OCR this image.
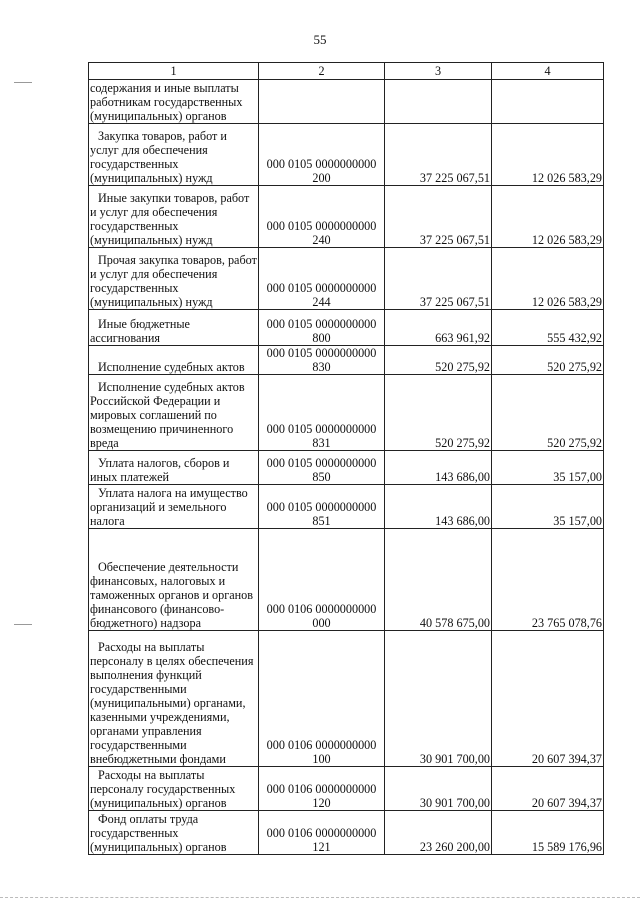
55
1	2	3	4
содержания и иные выплаты работникам государственных (муниципальных) органов	

Закупка товаров, работ и услуг для обеспечения государственных (муниципальных) нужд	000 0105 0000000000
200	37 225 067,51	12 026 583,29
Иные закупки товаров, работ и услуг для обеспечения государственных (муниципальных) нужд	000 0105 0000000000
240	37 225 067,51	12 026 583,29
Прочая закупка товаров, работ и услуг для обеспечения государственных (муниципальных) нужд	000 0105 0000000000
244	37 225 067,51	12 026 583,29
Иные бюджетные ассигнования	000 0105 0000000000
800	663 961,92	555 432,92
Исполнение судебных актов	000 0105 0000000000
830	520 275,92	520 275,92
Исполнение судебных актов Российской Федерации и мировых соглашений по возмещению причиненного вреда	000 0105 0000000000
831	520 275,92	520 275,92
Уплата налогов, сборов и иных платежей	000 0105 0000000000
850	143 686,00	35 157,00
Уплата налога на имущество организаций и земельного налога	000 0105 0000000000
851	143 686,00	35 157,00
Обеспечение деятельности финансовых, налоговых и таможенных органов и органов финансового (финансово-бюджетного) надзора	000 0106 0000000000
000	40 578 675,00	23 765 078,76
Расходы на выплаты персоналу в целях обеспечения выполнения функций государственными (муниципальными) органами, казенными учреждениями, органами управления государственными внебюджетными фондами	000 0106 0000000000
100	30 901 700,00	20 607 394,37
Расходы на выплаты персоналу государственных (муниципальных) органов	000 0106 0000000000
120	30 901 700,00	20 607 394,37
Фонд оплаты труда государственных (муниципальных) органов	000 0106 0000000000
121	23 260 200,00	15 589 176,96
